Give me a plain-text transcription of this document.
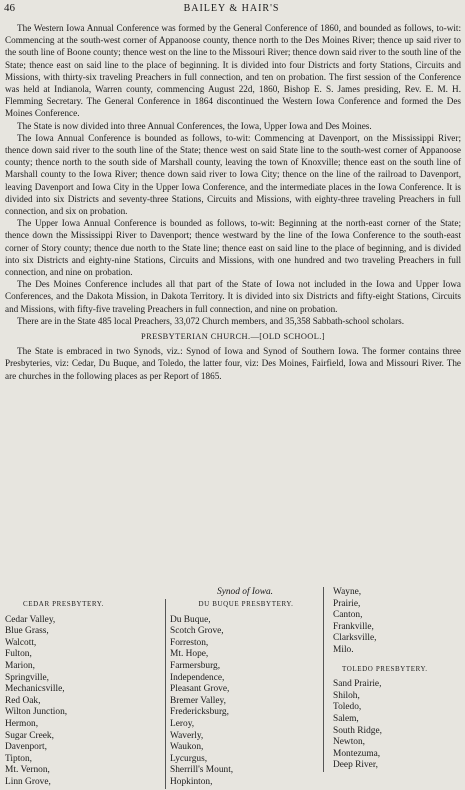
46	BAILEY & HAIR'S

The Western Iowa Annual Conference was formed by the General Conference of 1860, and bounded as follows, to-wit: Commencing at the south-west corner of Appanoose county, thence north to the Des Moines River; thence up said river to the south line of Boone county; thence west on the line to the Missouri River; thence down said river to the south line of the State; thence east on said line to the place of beginning. It is divided into four Districts and forty Stations, Circuits and Missions, with thirty-six traveling Preachers in full connection, and ten on probation. The first session of the Conference was held at Indianola, Warren county, commencing August 22d, 1860, Bishop E. S. James presiding, Rev. E. M. H. Flemming Secretary. The General Conference in 1864 discontinued the Western Iowa Conference and formed the Des Moines Conference.

The State is now divided into three Annual Conferences, the Iowa, Upper Iowa and Des Moines.

The Iowa Annual Conference is bounded as follows, to-wit: Commencing at Davenport, on the Mississippi River; thence down said river to the south line of the State; thence west on said State line to the south-west corner of Appanoose county; thence north to the south side of Marshall county, leaving the town of Knoxville; thence east on the south line of Marshall county to the Iowa River; thence down said river to Iowa City; thence on the line of the railroad to Davenport, leaving Davenport and Iowa City in the Upper Iowa Conference, and the intermediate places in the Iowa Conference. It is divided into six Districts and seventy-three Stations, Circuits and Missions, with eighty-three traveling Preachers in full connection, and six on probation.

The Upper Iowa Annual Conference is bounded as follows, to-wit: Beginning at the north-east corner of the State; thence down the Mississippi River to Davenport; thence westward by the line of the Iowa Conference to the south-east corner of Story county; thence due north to the State line; thence east on said line to the place of beginning, and is divided into six Districts and eighty-nine Stations, Circuits and Missions, with one hundred and two traveling Preachers in full connection, and nine on probation.

The Des Moines Conference includes all that part of the State of Iowa not included in the Iowa and Upper Iowa Conferences, and the Dakota Mission, in Dakota Territory. It is divided into six Districts and fifty-eight Stations, Circuits and Missions, with fifty-five traveling Preachers in full connection, and nine on probation.

There are in the State 485 local Preachers, 33,072 Church members, and 35,358 Sabbath-school scholars.

PRESBYTERIAN CHURCH.—[OLD SCHOOL.]

The State is embraced in two Synods, viz.: Synod of Iowa and Synod of Southern Iowa. The former contains three Presbyteries, viz: Cedar, Du Buque, and Toledo, the latter four, viz: Des Moines, Fairfield, Iowa and Missouri River. The are churches in the following places as per Report of 1865.

Synod of Iowa.
CEDAR PRESBYTERY.
Cedar Valley,
Blue Grass,
Walcott,
Fulton,
Marion,
Springville,
Mechanicsville,
Red Oak,
Wilton Junction,
Hermon,
Sugar Creek,
Davenport,
Tipton,
Mt. Vernon,
Linn Grove,
DU BUQUE PRESBYTERY.
Du Buque,
Scotch Grove,
Forreston,
Mt. Hope,
Farmersburg,
Independence,
Pleasant Grove,
Bremer Valley,
Fredericksburg,
Leroy,
Waverly,
Waukon,
Lycurgus,
Sherrill's Mount,
Hopkinton,
Wayne,
Prairie,
Canton,
Frankville,
Clarksville,
Milo.
TOLEDO PRESBYTERY.
Sand Prairie,
Shiloh,
Toledo,
Salem,
South Ridge,
Newton,
Montezuma,
Deep River,
